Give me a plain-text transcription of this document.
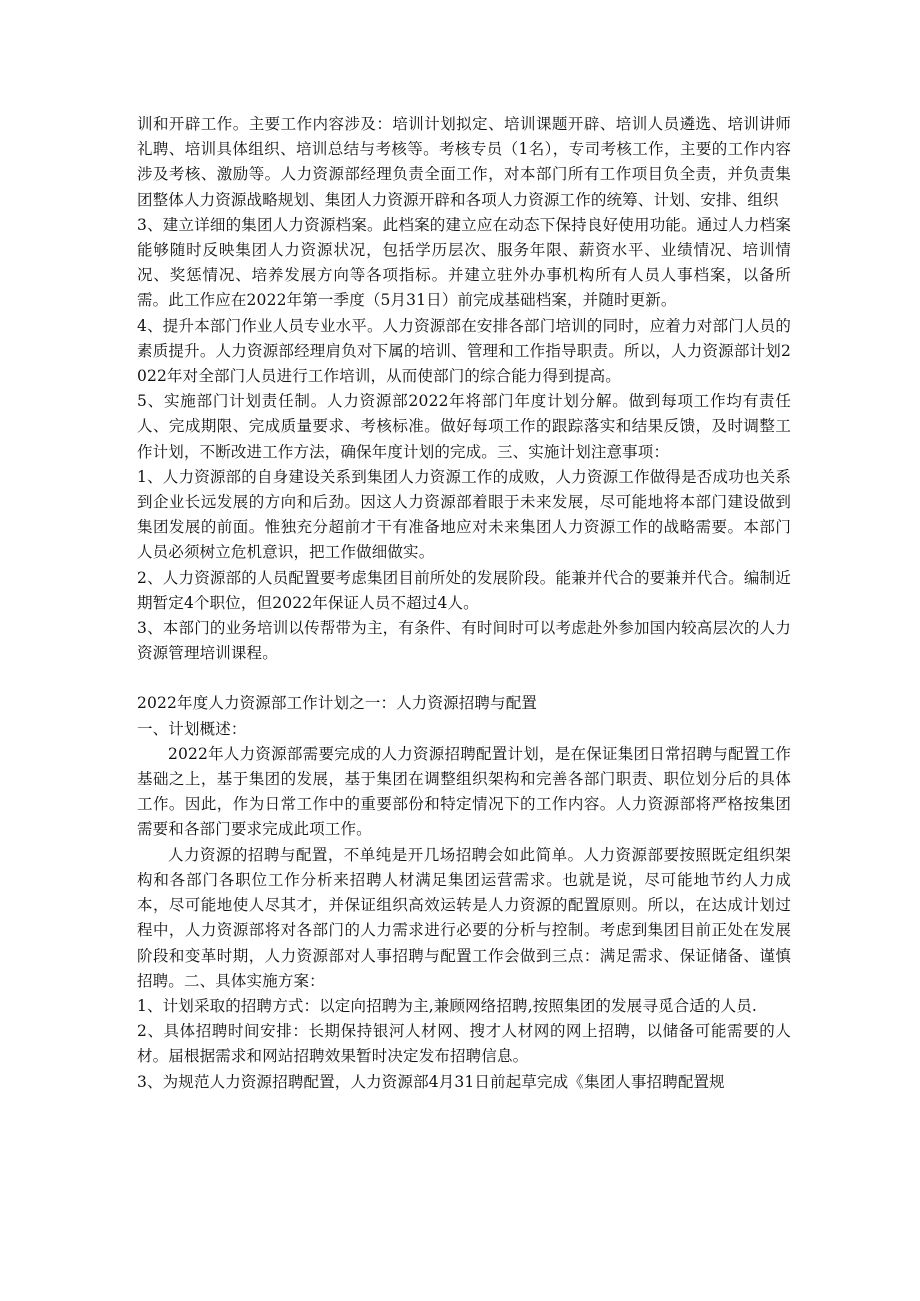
训和开辟工作。主要工作内容涉及：培训计划拟定、培训课题开辟、培训人员遴选、培训讲师礼聘、培训具体组织、培训总结与考核等。考核专员（1名），专司考核工作，主要的工作内容涉及考核、激励等。人力资源部经理负责全面工作，对本部门所有工作项目负全责，并负责集团整体人力资源战略规划、集团人力资源开辟和各项人力资源工作的统筹、计划、安排、组织

3、建立详细的集团人力资源档案。此档案的建立应在动态下保持良好使用功能。通过人力档案能够随时反映集团人力资源状况，包括学历层次、服务年限、薪资水平、业绩情况、培训情况、奖惩情况、培养发展方向等各项指标。并建立驻外办事机构所有人员人事档案，以备所需。此工作应在2022年第一季度（5月31日）前完成基础档案，并随时更新。

4、提升本部门作业人员专业水平。人力资源部在安排各部门培训的同时，应着力对部门人员的素质提升。人力资源部经理肩负对下属的培训、管理和工作指导职责。所以，人力资源部计划2022年对全部门人员进行工作培训，从而使部门的综合能力得到提高。

5、实施部门计划责任制。人力资源部2022年将部门年度计划分解。做到每项工作均有责任人、完成期限、完成质量要求、考核标准。做好每项工作的跟踪落实和结果反馈，及时调整工作计划，不断改进工作方法，确保年度计划的完成。三、实施计划注意事项：

1、人力资源部的自身建设关系到集团人力资源工作的成败，人力资源工作做得是否成功也关系到企业长远发展的方向和后劲。因这人力资源部着眼于未来发展，尽可能地将本部门建设做到集团发展的前面。惟独充分超前才干有准备地应对未来集团人力资源工作的战略需要。本部门人员必须树立危机意识，把工作做细做实。

2、人力资源部的人员配置要考虑集团目前所处的发展阶段。能兼并代合的要兼并代合。编制近期暂定4个职位，但2022年保证人员不超过4人。

3、本部门的业务培训以传帮带为主，有条件、有时间时可以考虑赴外参加国内较高层次的人力资源管理培训课程。

2022年度人力资源部工作计划之一：人力资源招聘与配置

一、计划概述：

2022年人力资源部需要完成的人力资源招聘配置计划，是在保证集团日常招聘与配置工作基础之上，基于集团的发展，基于集团在调整组织架构和完善各部门职责、职位划分后的具体工作。因此，作为日常工作中的重要部份和特定情况下的工作内容。人力资源部将严格按集团需要和各部门要求完成此项工作。

人力资源的招聘与配置，不单纯是开几场招聘会如此简单。人力资源部要按照既定组织架构和各部门各职位工作分析来招聘人材满足集团运营需求。也就是说，尽可能地节约人力成本，尽可能地使人尽其才，并保证组织高效运转是人力资源的配置原则。所以，在达成计划过程中，人力资源部将对各部门的人力需求进行必要的分析与控制。考虑到集团目前正处在发展阶段和变革时期，人力资源部对人事招聘与配置工作会做到三点：满足需求、保证储备、谨慎招聘。二、具体实施方案：

1、计划采取的招聘方式：以定向招聘为主,兼顾网络招聘,按照集团的发展寻觅合适的人员.

2、具体招聘时间安排：长期保持银河人材网、搜才人材网的网上招聘，以储备可能需要的人材。届根据需求和网站招聘效果暂时决定发布招聘信息。

3、为规范人力资源招聘配置，人力资源部4月31日前起草完成《集团人事招聘配置规
